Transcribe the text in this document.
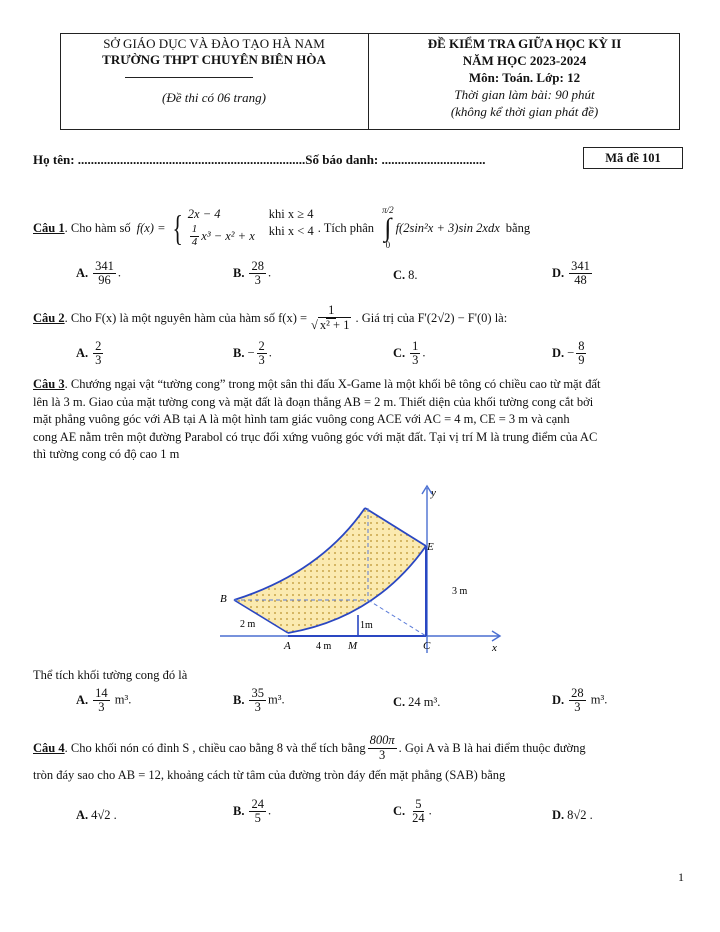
SỞ GIÁO DỤC VÀ ĐÀO TẠO HÀ NAM
TRƯỜNG THPT CHUYÊN BIÊN HÒA
(Đề thi có 06 trang)
ĐỀ KIỂM TRA GIỮA HỌC KỲ II
NĂM HỌC 2023-2024
Môn: Toán. Lớp: 12
Thời gian làm bài: 90 phút
(không kể thời gian phát đề)
Họ tên: ......................................................................Số báo danh: ................................	Mã đề 101
Câu 1 . Cho hàm số f(x) = { 2x − 4	khi x ≥ 4
$\frac{1}{4} x^3 - x^2 + x$ khi x < 4 . Tích phân
π/2
∫
0
f(2sin²x + 3)sin 2xdx bằng
A. $\frac{341}{96}$ .	B. $\frac{28}{3}$ .	C. 8.	D. $\frac{341}{48}$
Câu 2 . Cho F(x) là một nguyên hàm của hàm số $f(x) = \frac{1}{\text{√ x² + 1}}$ . Giá trị của F'(2√2) − F'(0) là:
A. $\frac{2}{3}$	B. − $\frac{2}{3}$ .	C. $\frac{1}{3}$ .	D. − $\frac{8}{9}$
Câu 3. Chướng ngại vật “tường cong” trong một sân thi đấu X-Game là một khối bê tông có chiều cao từ mặt đất
lên là 3 m. Giao của mặt tường cong và mặt đất là đoạn thẳng AB = 2 m. Thiết diện của khối tường cong cắt bởi
mặt phẳng vuông góc với AB tại A là một hình tam giác vuông cong ACE với AC = 4 m, CE = 3 m và cạnh
cong AE nằm trên một đường Parabol có trục đối xứng vuông góc với mặt đất. Tại vị trí M là trung điểm của AC
thì tường cong có độ cao 1 m
y
x
E
B
A	M	C
3 m
2 m	1m
4 m
Thể tích khối tường cong đó là
A. $\frac{14}{3} m^3$.	B. $\frac{35}{3} m^3$.	C. 24 m³.	D. $\frac{28}{3} m^3$.
Câu 4 . Cho khối nón có đỉnh S , chiều cao bằng 8 và thể tích bằng $\frac{800\pi}{3}$ . Gọi A và B là hai điểm thuộc đường
tròn đáy sao cho AB = 12, khoảng cách từ tâm của đường tròn đáy đến mặt phẳng (SAB) bằng
A. 4√2 .	B. $\frac{24}{5}$ .	C. $\frac{5}{24}$ .	D. 8√2 .
1
